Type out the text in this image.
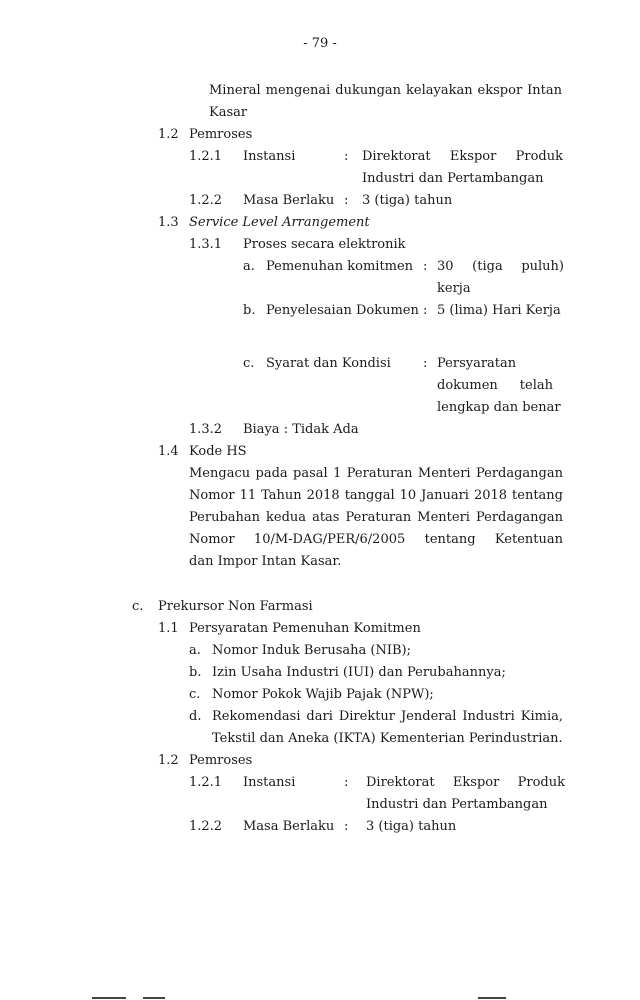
- 79 -
Mineral mengenai dukungan kelayakan ekspor Intan
Kasar
1.2 Pemroses
1.2.1 Instansi	: Direktorat Ekspor Produk
Industri dan Pertambangan
1.2.2 Masa Berlaku : 3 (tiga) tahun
1.3 Service Level Arrangement
1.3.1 Proses secara elektronik
a. Pemenuhan komitmen : 30 (tiga puluh)
kerja
b. Penyelesaian Dokumen : 5 (lima) Hari Kerja
c. Syarat dan Kondisi : Persyaratan
dokumen telah
lengkap dan benar
1.3.2 Biaya : Tidak Ada
1.4 Kode HS
Mengacu pada pasal 1 Peraturan Menteri Perdagangan
Nomor 11 Tahun 2018 tanggal 10 Januari 2018 tentang
Perubahan kedua atas Peraturan Menteri Perdagangan
Nomor 10/M-DAG/PER/6/2005 tentang Ketentuan
dan Impor Intan Kasar.
c. Prekursor Non Farmasi
1.1 Persyaratan Pemenuhan Komitmen
a. Nomor Induk Berusaha (NIB);
b. Izin Usaha Industri (IUI) dan Perubahannya;
c. Nomor Pokok Wajib Pajak (NPW);
d. Rekomendasi dari Direktur Jenderal Industri Kimia,
Tekstil dan Aneka (IKTA) Kementerian Perindustrian.
1.2 Pemroses
1.2.1 Instansi	: Direktorat Ekspor Produk
Industri dan Pertambangan
1.2.2 Masa Berlaku : 3 (tiga) tahun
